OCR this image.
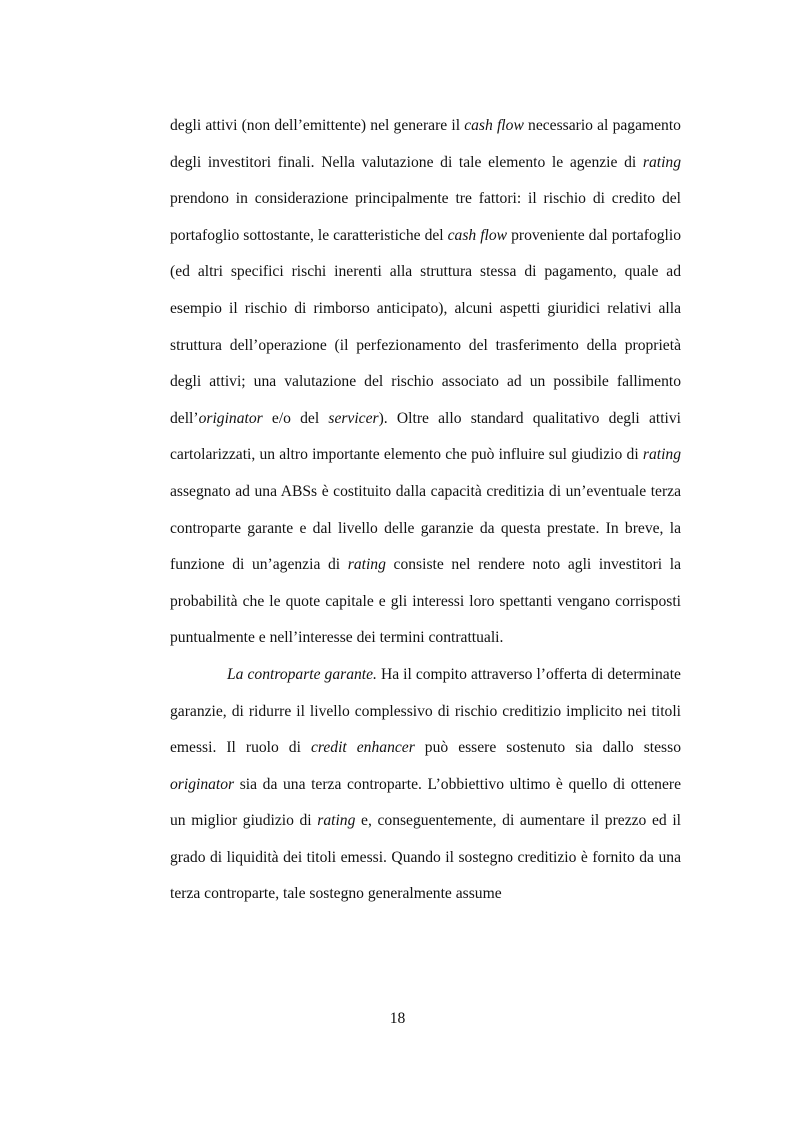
degli attivi (non dell’emittente) nel generare il cash flow necessario al pagamento degli investitori finali. Nella valutazione di tale elemento le agenzie di rating prendono in considerazione principalmente tre fattori: il rischio di credito del portafoglio sottostante, le caratteristiche del cash flow proveniente dal portafoglio (ed altri specifici rischi inerenti alla struttura stessa di pagamento, quale ad esempio il rischio di rimborso anticipato), alcuni aspetti giuridici relativi alla struttura dell’operazione (il perfezionamento del trasferimento della proprietà degli attivi; una valutazione del rischio associato ad un possibile fallimento dell’originator e/o del servicer). Oltre allo standard qualitativo degli attivi cartolarizzati, un altro importante elemento che può influire sul giudizio di rating assegnato ad una ABSs è costituito dalla capacità creditizia di un’eventuale terza controparte garante e dal livello delle garanzie da questa prestate. In breve, la funzione di un’agenzia di rating consiste nel rendere noto agli investitori la probabilità che le quote capitale e gli interessi loro spettanti vengano corrisposti puntualmente e nell’interesse dei termini contrattuali.

La controparte garante. Ha il compito attraverso l’offerta di determinate garanzie, di ridurre il livello complessivo di rischio creditizio implicito nei titoli emessi. Il ruolo di credit enhancer può essere sostenuto sia dallo stesso originator sia da una terza controparte. L’obbiettivo ultimo è quello di ottenere un miglior giudizio di rating e, conseguentemente, di aumentare il prezzo ed il grado di liquidità dei titoli emessi. Quando il sostegno creditizio è fornito da una terza controparte, tale sostegno generalmente assume

18
